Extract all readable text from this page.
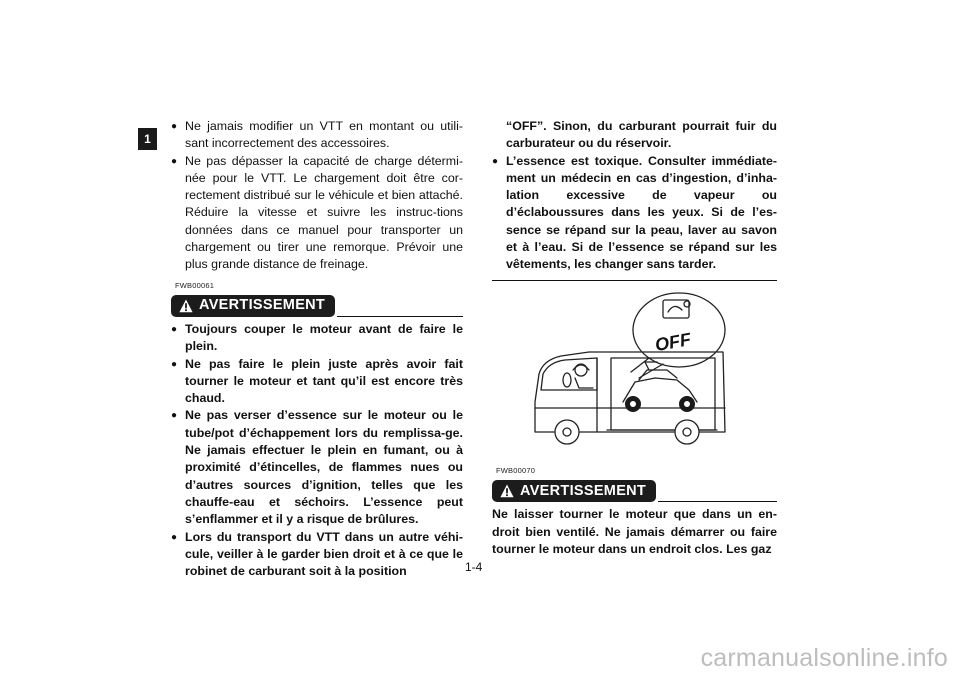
1
● Ne jamais modifier un VTT en montant ou utili-sant incorrectement des accessoires.
● Ne pas dépasser la capacité de charge détermi-née pour le VTT. Le chargement doit être cor-rectement distribué sur le véhicule et bien attaché. Réduire la vitesse et suivre les instruc-tions données dans ce manuel pour transporter un chargement ou tirer une remorque. Prévoir une plus grande distance de freinage.
FWB00061
AVERTISSEMENT
● Toujours couper le moteur avant de faire le plein.
● Ne pas faire le plein juste après avoir fait tourner le moteur et tant qu’il est encore très chaud.
● Ne pas verser d’essence sur le moteur ou le tube/pot d’échappement lors du remplissa-ge. Ne jamais effectuer le plein en fumant, ou à proximité d’étincelles, de flammes nues ou d’autres sources d’ignition, telles que les chauffe-eau et séchoirs. L’essence peut s’enflammer et il y a risque de brûlures.
● Lors du transport du VTT dans un autre véhi-cule, veiller à le garder bien droit et à ce que le robinet de carburant soit à la position
“OFF”. Sinon, du carburant pourrait fuir du carburateur ou du réservoir.
● L’essence est toxique. Consulter immédiate-ment un médecin en cas d’ingestion, d’inha-lation excessive de vapeur ou d’éclaboussures dans les yeux. Si de l’es-sence se répand sur la peau, laver au savon et à l’eau. Si de l’essence se répand sur les vêtements, les changer sans tarder.
OFF
FWB00070
AVERTISSEMENT
Ne laisser tourner le moteur que dans un en-droit bien ventilé. Ne jamais démarrer ou faire tourner le moteur dans un endroit clos. Les gaz
1-4
carmanualsonline.info
